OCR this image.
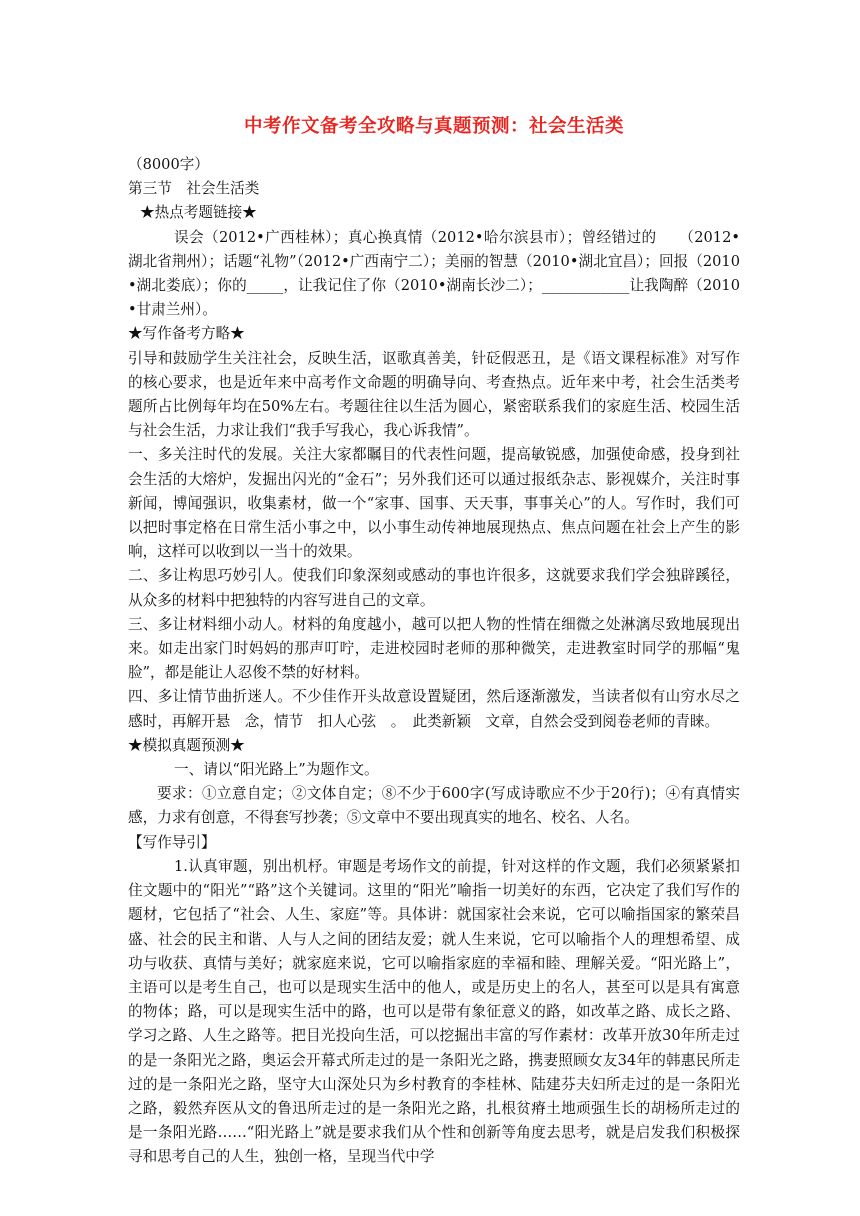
中考作文备考全攻略与真题预测：社会生活类

（8000字）

第三节　社会生活类

★热点考题链接★

误会（2012•广西桂林）；真心换真情（2012•哈尔滨县市）；曾经错过的　　（2012•湖北省荆州）；话题“礼物”（2012•广西南宁二）；美丽的智慧（2010•湖北宜昌）；回报（2010•湖北娄底）；你的_____，让我记住了你（2010•湖南长沙二）；____________让我陶醉（2010•甘肃兰州）。

★写作备考方略★

引导和鼓励学生关注社会，反映生活，讴歌真善美，针砭假恶丑，是《语文课程标准》对写作的核心要求，也是近年来中高考作文命题的明确导向、考查热点。近年来中考，社会生活类考题所占比例每年均在50%左右。考题往往以生活为圆心，紧密联系我们的家庭生活、校园生活与社会生活，力求让我们“我手写我心，我心诉我情”。

一、多关注时代的发展。关注大家都瞩目的代表性问题，提高敏锐感，加强使命感，投身到社会生活的大熔炉，发掘出闪光的“金石”；另外我们还可以通过报纸杂志、影视媒介，关注时事新闻，博闻强识，收集素材，做一个“家事、国事、天天事，事事关心”的人。写作时，我们可以把时事定格在日常生活小事之中，以小事生动传神地展现热点、焦点问题在社会上产生的影响，这样可以收到以一当十的效果。

二、多让构思巧妙引人。使我们印象深刻或感动的事也许很多，这就要求我们学会独辟蹊径，从众多的材料中把独特的内容写进自己的文章。

三、多让材料细小动人。材料的角度越小，越可以把人物的性情在细微之处淋漓尽致地展现出来。如走出家门时妈妈的那声叮咛，走进校园时老师的那种微笑，走进教室时同学的那幅“鬼脸”，都是能让人忍俊不禁的好材料。

四、多让情节曲折迷人。不少佳作开头故意设置疑团，然后逐渐激发，当读者似有山穷水尽之感时，再解开悬　念，情节　扣人心弦　。　此类新颖　文章，自然会受到阅卷老师的青睐。

★模拟真题预测★

一、请以“阳光路上”为题作文。

要求：①立意自定；②文体自定；⑧不少于600字(写成诗歌应不少于20行)；④有真情实感，力求有创意，不得套写抄袭；⑤文章中不要出现真实的地名、校名、人名。

【写作导引】

1.认真审题，别出机杼。审题是考场作文的前提，针对这样的作文题，我们必须紧紧扣住文题中的“阳光”“路”这个关键词。这里的“阳光”喻指一切美好的东西，它决定了我们写作的题材，它包括了“社会、人生、家庭”等。具体讲：就国家社会来说，它可以喻指国家的繁荣昌盛、社会的民主和谐、人与人之间的团结友爱；就人生来说，它可以喻指个人的理想希望、成功与收获、真情与美好；就家庭来说，它可以喻指家庭的幸福和睦、理解关爱。“阳光路上”，主语可以是考生自己，也可以是现实生活中的他人，或是历史上的名人，甚至可以是具有寓意的物体；路，可以是现实生活中的路，也可以是带有象征意义的路，如改革之路、成长之路、学习之路、人生之路等。把目光投向生活，可以挖掘出丰富的写作素材：改革开放30年所走过的是一条阳光之路，奥运会开幕式所走过的是一条阳光之路，携妻照顾女友34年的韩惠民所走过的是一条阳光之路，坚守大山深处只为乡村教育的李桂林、陆建芬夫妇所走过的是一条阳光之路，毅然弃医从文的鲁迅所走过的是一条阳光之路，扎根贫瘠土地顽强生长的胡杨所走过的是一条阳光路……“阳光路上”就是要求我们从个性和创新等角度去思考，就是启发我们积极探寻和思考自己的人生，独创一格，呈现当代中学
